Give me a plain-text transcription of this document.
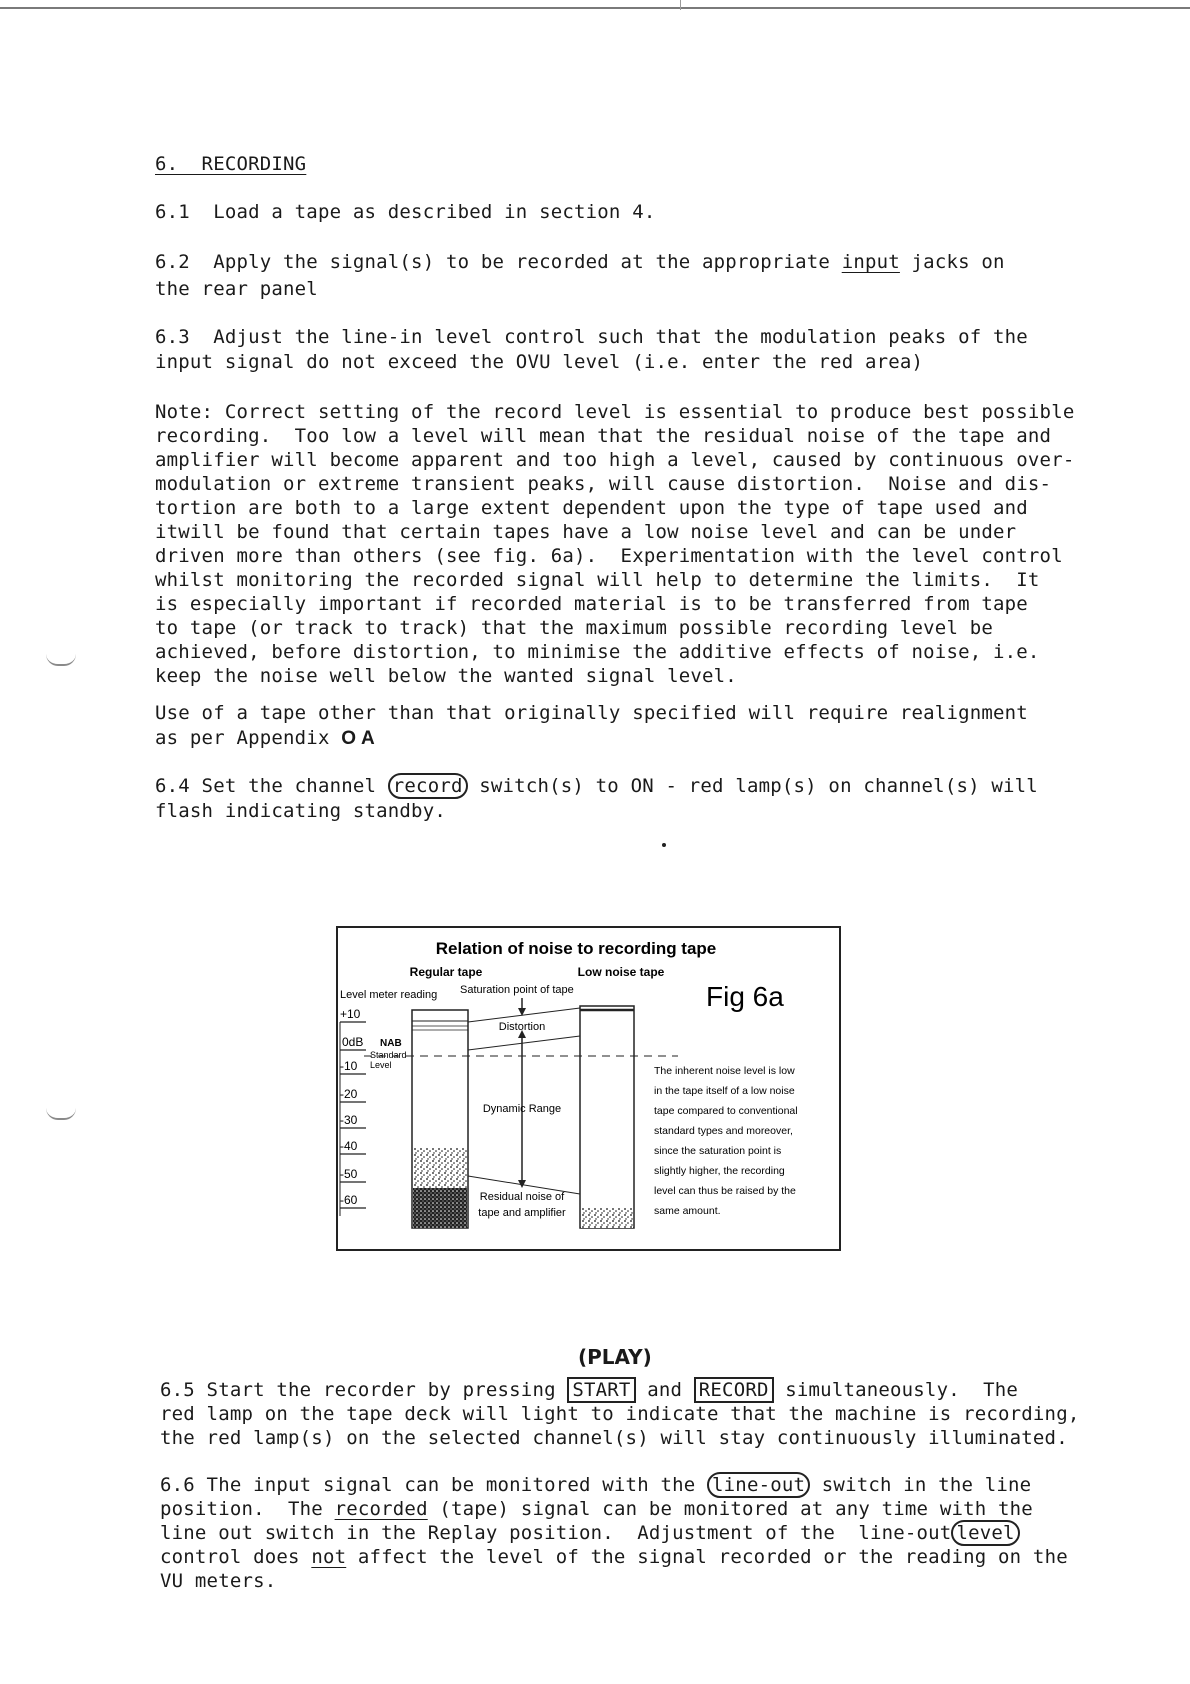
6.  RECORDING
6.1  Load a tape as described in section 4.
6.2  Apply the signal(s) to be recorded at the appropriate input jacks on
the rear panel
6.3  Adjust the line-in level control such that the modulation peaks of the
input signal do not exceed the OVU level (i.e. enter the red area)
Note: Correct setting of the record level is essential to produce best possible
recording.  Too low a level will mean that the residual noise of the tape and
amplifier will become apparent and too high a level, caused by continuous over-
modulation or extreme transient peaks, will cause distortion.  Noise and dis-
tortion are both to a large extent dependent upon the type of tape used and
itwill be found that certain tapes have a low noise level and can be under
driven more than others (see fig. 6a).  Experimentation with the level control
whilst monitoring the recorded signal will help to determine the limits.  It
is especially important if recorded material is to be transferred from tape
to tape (or track to track) that the maximum possible recording level be
achieved, before distortion, to minimise the additive effects of noise, i.e.
keep the noise well below the wanted signal level.
Use of a tape other than that originally specified will require realignment
as per Appendix O A
6.4 Set the channel record switch(s) to ON - red lamp(s) on channel(s) will
flash indicating standby.
Relation of noise to recording tape
Regular tape	Low noise tape
Level meter reading Saturation point of tape	Fig 6a
+10
0dB
-10
-20
-30
-40
-50
-60
NAB
Standard
Level
Distortion
Dynamic Range
Residual noise of
tape and amplifier
The inherent noise level is low
in the tape itself of a low noise
tape compared to conventional
standard types and moreover,
since the saturation point is
slightly higher, the recording
level can thus be raised by the
same amount.
(PLAY)
6.5 Start the recorder by pressing START and RECORD simultaneously.  The
red lamp on the tape deck will light to indicate that the machine is recording,
the red lamp(s) on the selected channel(s) will stay continuously illuminated.
6.6 The input signal can be monitored with the line-out switch in the line
position.  The recorded (tape) signal can be monitored at any time with the
line out switch in the Replay position.  Adjustment of the  line-out level
control does not affect the level of the signal recorded or the reading on the
VU meters.
